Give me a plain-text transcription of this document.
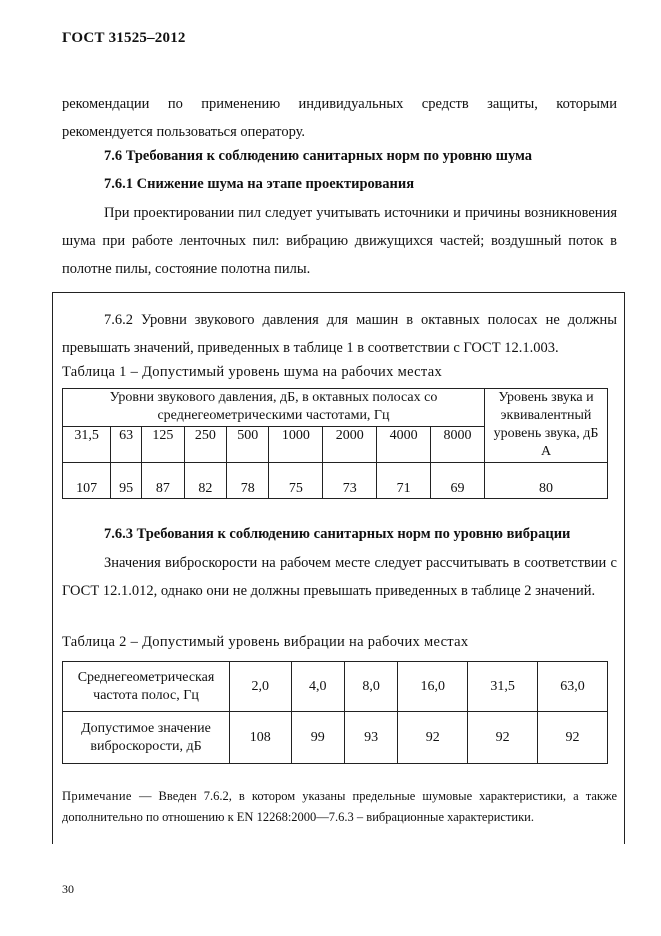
ГОСТ 31525–2012
рекомендации по применению индивидуальных средств защиты, которыми рекомендуется пользоваться оператору.
7.6 Требования к соблюдению санитарных норм по уровню шума
7.6.1 Снижение шума на этапе проектирования
При проектировании пил следует учитывать источники и причины возникновения шума при работе ленточных пил: вибрацию движущихся частей; воздушный поток в полотне пилы, состояние полотна пилы.
7.6.2 Уровни звукового давления для машин в октавных полосах не должны превышать значений, приведенных в таблице 1 в соответствии с ГОСТ 12.1.003.
Таблица 1 – Допустимый уровень шума на рабочих местах
Уровни звукового давления, дБ, в октавных полосах со среднегеометрическими частотами, Гц									Уровень звука и эквивалентный уровень звука, дБ А
31,5	63	125	250	500	1000	2000	4000	8000	
107	95	87	82	78	75	73	71	69	80
7.6.3 Требования к соблюдению санитарных норм по уровню вибрации
Значения виброскорости на рабочем месте следует рассчитывать в соответствии с ГОСТ 12.1.012, однако они не должны превышать приведенных в таблице 2 значений.
Таблица 2 – Допустимый уровень вибрации на рабочих местах
Среднегеометрическая частота полос, Гц	2,0	4,0	8,0	16,0	31,5	63,0
Допустимое значение виброскорости, дБ	108	99	93	92	92	92
Примечание — Введен 7.6.2, в котором указаны предельные шумовые характеристики, а также дополнительно по отношению к EN 12268:2000—7.6.3 – вибрационные характеристики.
30
